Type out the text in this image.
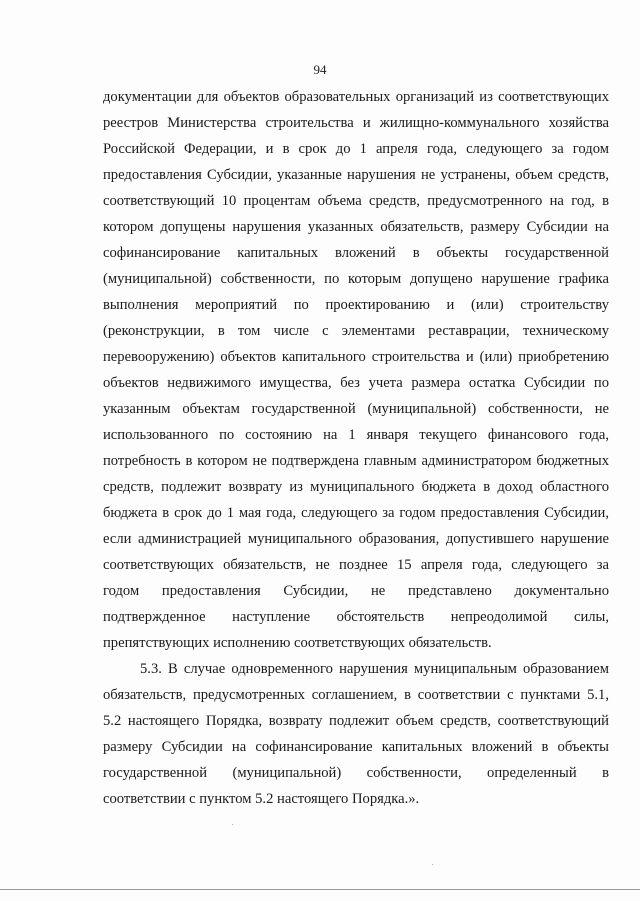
94
документации для объектов образовательных организаций из соответствующих
реестров Министерства строительства и жилищно-коммунального хозяйства
Российской Федерации, и в срок до 1 апреля года, следующего за годом
предоставления Субсидии, указанные нарушения не устранены, объем средств,
соответствующий 10 процентам объема средств, предусмотренного на год, в
котором допущены нарушения указанных обязательств, размеру Субсидии на
софинансирование капитальных вложений в объекты государственной
(муниципальной) собственности, по которым допущено нарушение графика
выполнения мероприятий по проектированию и (или) строительству
(реконструкции, в том числе с элементами реставрации, техническому
перевооружению) объектов капитального строительства и (или) приобретению
объектов недвижимого имущества, без учета размера остатка Субсидии по
указанным объектам государственной (муниципальной) собственности, не
использованного по состоянию на 1 января текущего финансового года,
потребность в котором не подтверждена главным администратором бюджетных
средств, подлежит возврату из муниципального бюджета в доход областного
бюджета в срок до 1 мая года, следующего за годом предоставления Субсидии,
если администрацией муниципального образования, допустившего нарушение
соответствующих обязательств, не позднее 15 апреля года, следующего за
годом предоставления Субсидии, не представлено документально
подтвержденное наступление обстоятельств непреодолимой силы,
препятствующих исполнению соответствующих обязательств.
5.3. В случае одновременного нарушения муниципальным образованием
обязательств, предусмотренных соглашением, в соответствии с пунктами 5.1,
5.2 настоящего Порядка, возврату подлежит объем средств, соответствующий
размеру Субсидии на софинансирование капитальных вложений в объекты
государственной (муниципальной) собственности, определенный в
соответствии с пунктом 5.2 настоящего Порядка.».
